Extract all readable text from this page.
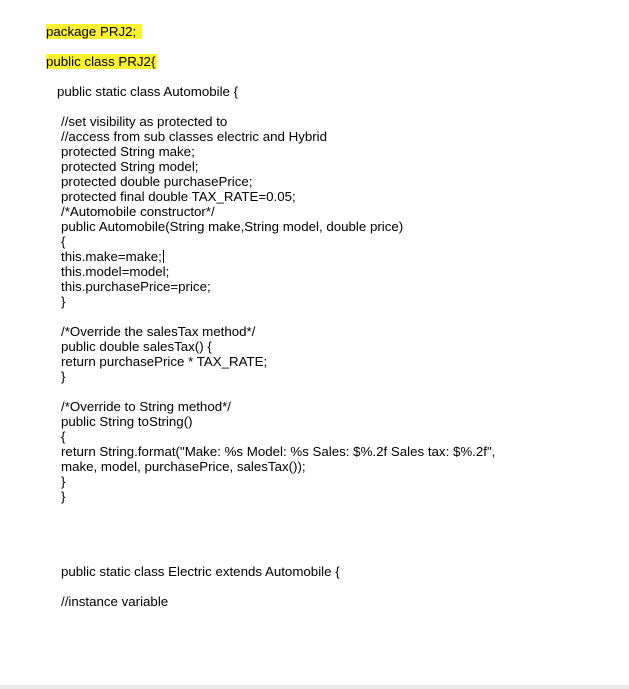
package PRJ2;
public class PRJ2{
public static class Automobile {
//set visibility as protected to
//access from sub classes electric and Hybrid
protected String make;
protected String model;
protected double purchasePrice;
protected final double TAX_RATE=0.05;
/*Automobile constructor*/
public Automobile(String make,String model, double price)
{
this.make=make;
this.model=model;
this.purchasePrice=price;
}
/*Override the salesTax method*/
public double salesTax() {
return purchasePrice * TAX_RATE;
}
/*Override to String method*/
public String toString()
{
return String.format("Make: %s Model: %s Sales: $%.2f Sales tax: $%.2f",
make, model, purchasePrice, salesTax());
}
}
public static class Electric extends Automobile {
//instance variable
